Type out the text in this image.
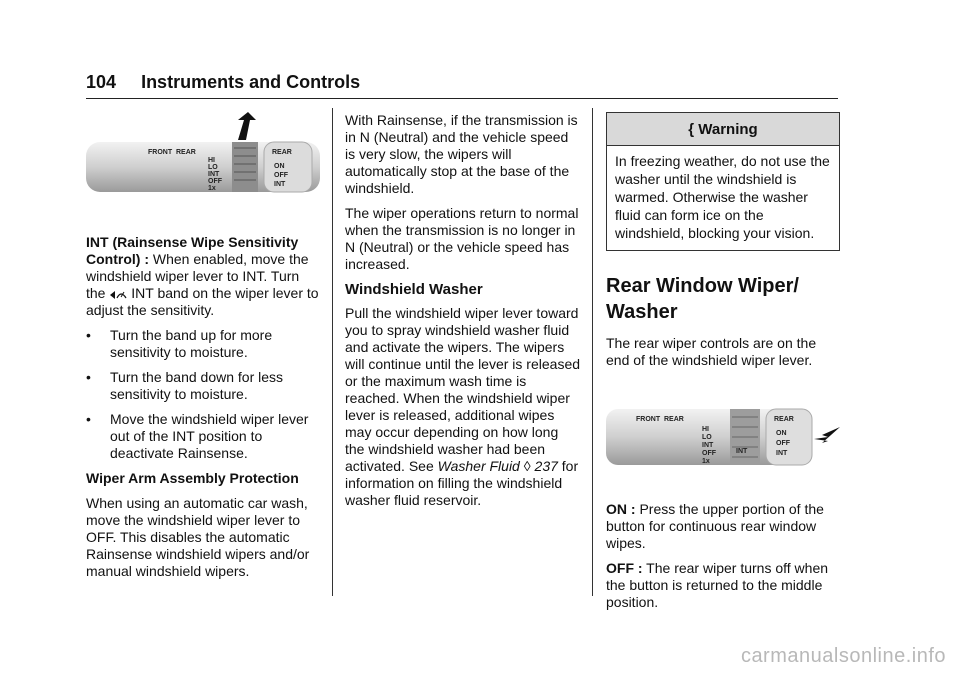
104 Instruments and Controls
FRONT REAR
HI
LO
INT
OFF
1x
REAR
ON
OFF
INT

INT (Rainsense Wipe Sensitivity Control) : When enabled, move the windshield wiper lever to INT. Turn the  INT band on the wiper lever to adjust the sensitivity.

•	Turn the band up for more sensitivity to moisture.
•	Turn the band down for less sensitivity to moisture.
•	Move the windshield wiper lever out of the INT position to deactivate Rainsense.

Wiper Arm Assembly Protection

When using an automatic car wash, move the windshield wiper lever to OFF. This disables the automatic Rainsense windshield wipers and/or manual windshield wipers.

With Rainsense, if the transmission is in N (Neutral) and the vehicle speed is very slow, the wipers will automatically stop at the base of the windshield.

The wiper operations return to normal when the transmission is no longer in N (Neutral) or the vehicle speed has increased.

Windshield Washer

Pull the windshield wiper lever toward you to spray windshield washer fluid and activate the wipers. The wipers will continue until the lever is released or the maximum wash time is reached. When the windshield wiper lever is released, additional wipes may occur depending on how long the windshield washer had been activated. See Washer Fluid ◊ 237 for information on filling the windshield washer fluid reservoir.

{ Warning

In freezing weather, do not use the washer until the windshield is warmed. Otherwise the washer fluid can form ice on the windshield, blocking your vision.

Rear Window Wiper/ Washer

The rear wiper controls are on the end of the windshield wiper lever.

FRONT REAR
HI
LO
INT
OFF
1x
INT
REAR
ON
OFF
INT

ON : Press the upper portion of the button for continuous rear window wipes.

OFF : The rear wiper turns off when the button is returned to the middle position.

carmanualsonline.info
